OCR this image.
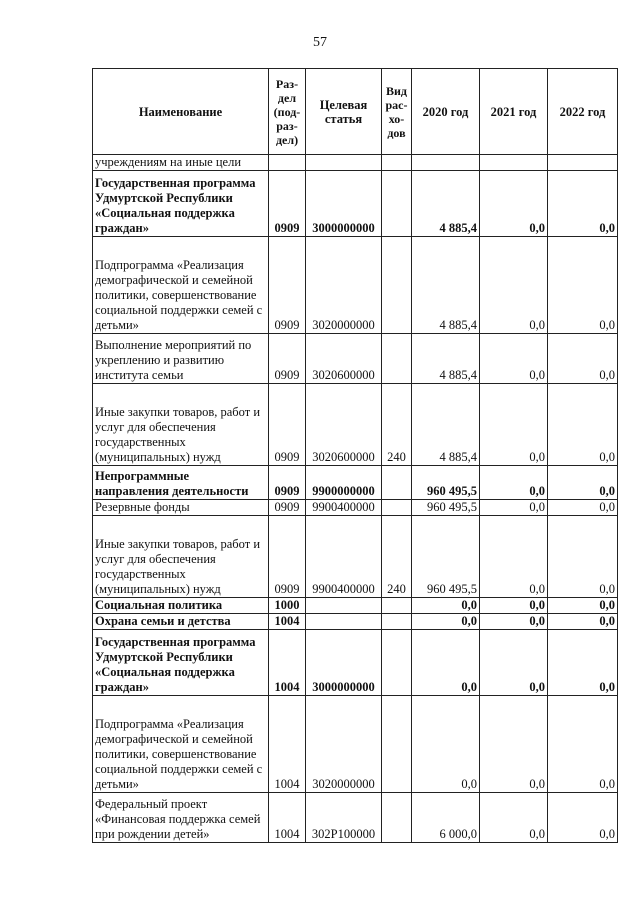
57
Наименование	Раз- дел (под- раз- дел)	Целевая статья	Вид рас- хо- дов	2020 год	2021 год	2022 год
учреждениям на иные цели						
Государственная программа Удмуртской Республики «Социальная поддержка граждан»	0909	3000000000		4 885,4	0,0	0,0
Подпрограмма «Реализация демографической и семейной политики, совершенствование социальной поддержки семей с детьми»	0909	3020000000		4 885,4	0,0	0,0
Выполнение мероприятий по укреплению и развитию института семьи	0909	3020600000		4 885,4	0,0	0,0
Иные закупки товаров, работ и услуг для обеспечения государственных (муниципальных) нужд	0909	3020600000	240	4 885,4	0,0	0,0
Непрограммные направления деятельности	0909	9900000000		960 495,5	0,0	0,0
Резервные фонды	0909	9900400000		960 495,5	0,0	0,0
Иные закупки товаров, работ и услуг для обеспечения государственных (муниципальных) нужд	0909	9900400000	240	960 495,5	0,0	0,0
Социальная политика	1000			0,0	0,0	0,0
Охрана семьи и детства	1004			0,0	0,0	0,0
Государственная программа Удмуртской Республики «Социальная поддержка граждан»	1004	3000000000		0,0	0,0	0,0
Подпрограмма «Реализация демографической и семейной политики, совершенствование социальной поддержки семей с детьми»	1004	3020000000		0,0	0,0	0,0
Федеральный проект «Финансовая поддержка семей при рождении детей»	1004	302P100000		6 000,0	0,0	0,0
